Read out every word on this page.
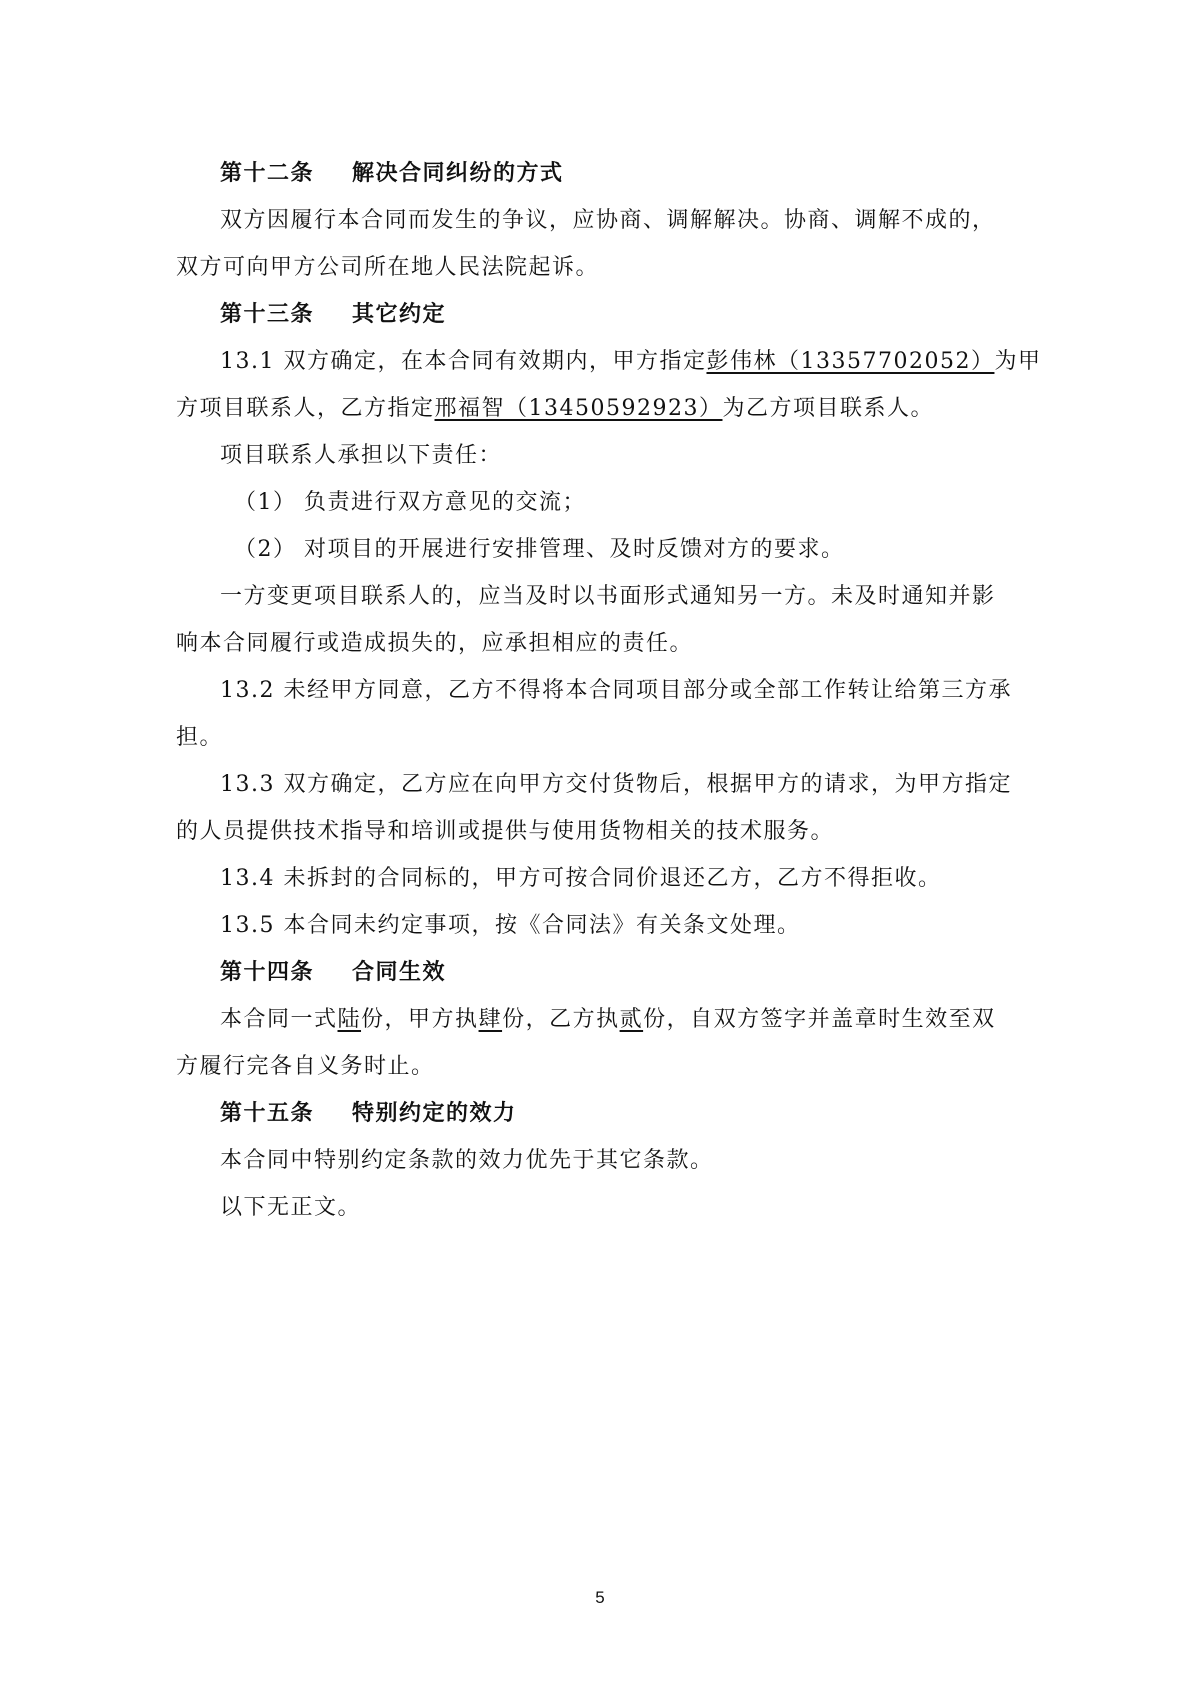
第十二条 解决合同纠纷的方式
双方因履行本合同而发生的争议，应协商、调解解决。协商、调解不成的，
双方可向甲方公司所在地人民法院起诉。
第十三条 其它约定
13.1 双方确定，在本合同有效期内，甲方指定彭伟林（13357702052）为甲
方项目联系人，乙方指定邢福智（13450592923）为乙方项目联系人。
项目联系人承担以下责任：
（1） 负责进行双方意见的交流；
（2） 对项目的开展进行安排管理、及时反馈对方的要求。
一方变更项目联系人的，应当及时以书面形式通知另一方。未及时通知并影
响本合同履行或造成损失的，应承担相应的责任。
13.2 未经甲方同意，乙方不得将本合同项目部分或全部工作转让给第三方承
担。
13.3 双方确定，乙方应在向甲方交付货物后，根据甲方的请求，为甲方指定
的人员提供技术指导和培训或提供与使用货物相关的技术服务。
13.4 未拆封的合同标的，甲方可按合同价退还乙方，乙方不得拒收。
13.5 本合同未约定事项，按《合同法》有关条文处理。
第十四条 合同生效
本合同一式陆份，甲方执肆份，乙方执贰份，自双方签字并盖章时生效至双
方履行完各自义务时止。
第十五条 特别约定的效力
本合同中特别约定条款的效力优先于其它条款。
以下无正文。
5
